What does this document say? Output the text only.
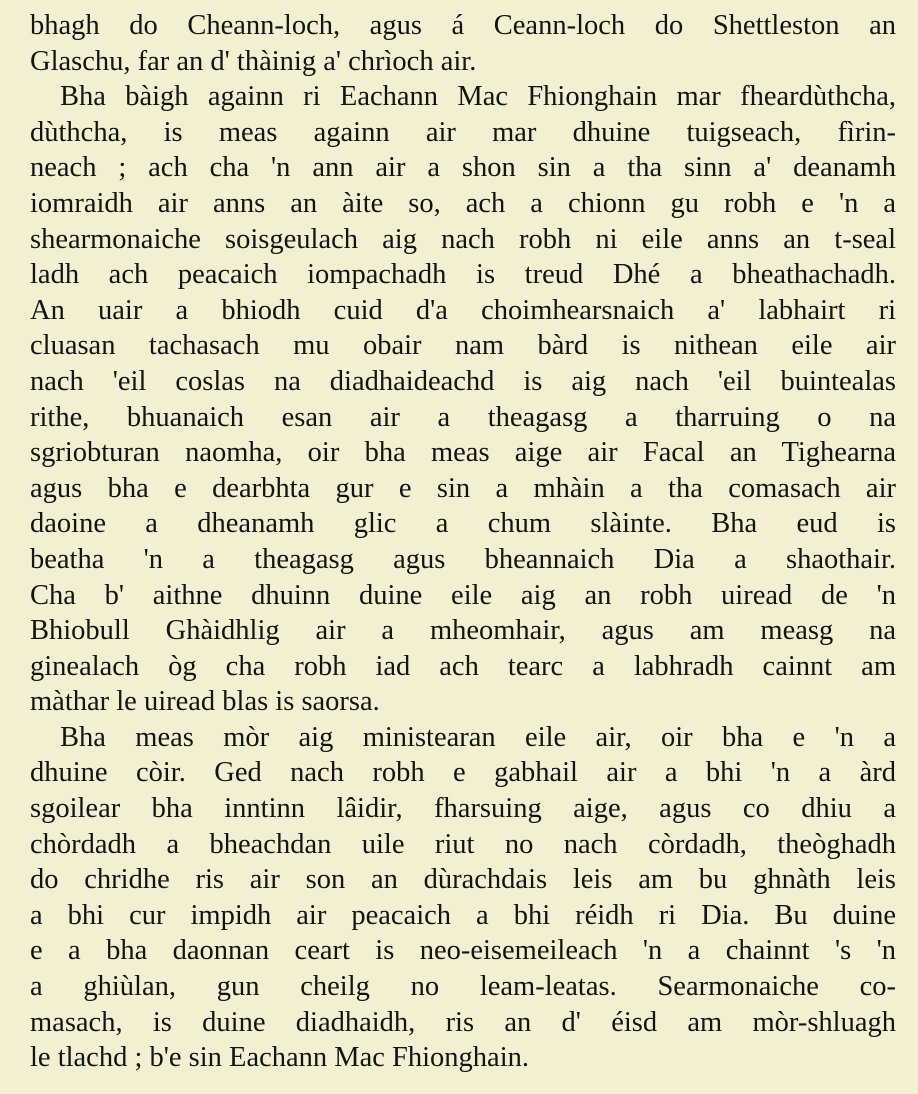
bhagh do Cheann-loch, agus á Ceann-loch do Shettleston an
Glaschu, far an d' thàinig a' chrìoch air.
Bha bàigh againn ri Eachann Mac Fhionghain mar fheardùthcha,
dùthcha, is meas againn air mar dhuine tuigseach, fìrin-
neach ; ach cha 'n ann air a shon sin a tha sinn a' deanamh
iomraidh air anns an àite so, ach a chionn gu robh e 'n a
shearmonaiche soisgeulach aig nach robh ni eile anns an t-seal
ladh ach peacaich iompachadh is treud Dhé a bheathachadh.
An uair a bhiodh cuid d'a choimhearsnaich a' labhairt ri
cluasan tachasach mu obair nam bàrd is nithean eile air
nach 'eil coslas na diadhaideachd is aig nach 'eil buintealas
rithe, bhuanaich esan air a theagasg a tharruing o na
sgriobturan naomha, oir bha meas aige air Facal an Tighearna
agus bha e dearbhta gur e sin a mhàin a tha comasach air
daoine a dheanamh glic a chum slàinte. Bha eud is
beatha 'n a theagasg agus bheannaich Dia a shaothair.
Cha b' aithne dhuinn duine eile aig an robh uiread de 'n
Bhiobull Ghàidhlig air a mheomhair, agus am measg na
ginealach òg cha robh iad ach tearc a labhradh cainnt am
màthar le uiread blas is saorsa.
Bha meas mòr aig ministearan eile air, oir bha e 'n a
dhuine còir. Ged nach robh e gabhail air a bhi 'n a àrd
sgoilear bha inntinn lâidir, fharsuing aige, agus co dhiu a
chòrdadh a bheachdan uile riut no nach còrdadh, theòghadh
do chridhe ris air son an dùrachdais leis am bu ghnàth leis
a bhi cur impidh air peacaich a bhi réidh ri Dia. Bu duine
e a bha daonnan ceart is neo-eisemeileach 'n a chainnt 's 'n
a ghiùlan, gun cheilg no leam-leatas. Searmonaiche co-
masach, is duine diadhaidh, ris an d' éisd am mòr-shluagh
le tlachd ; b'e sin Eachann Mac Fhionghain.
